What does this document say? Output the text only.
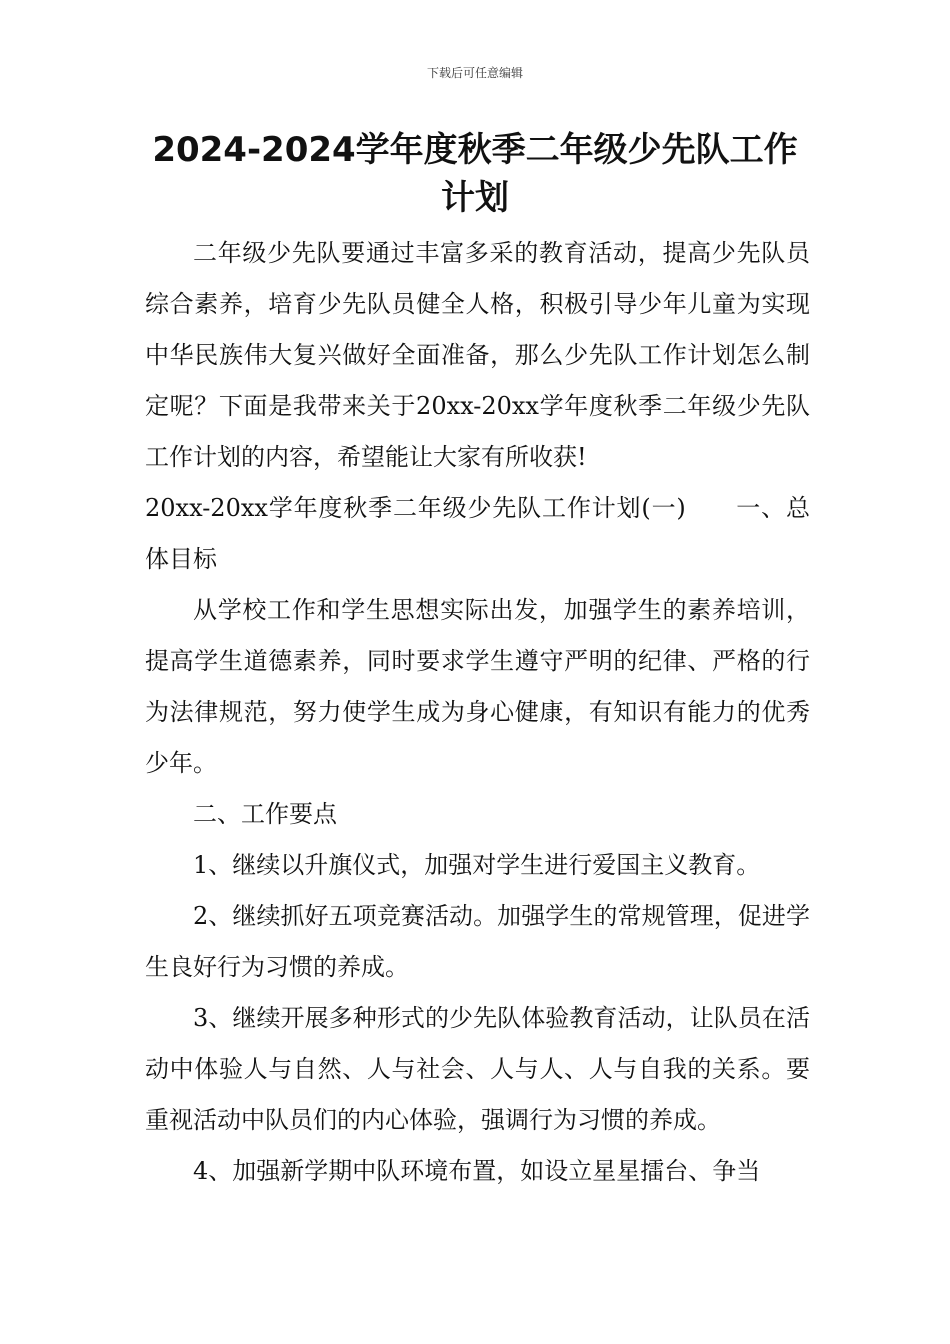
下载后可任意编辑
2024-2024学年度秋季二年级少先队工作计划

二年级少先队要通过丰富多采的教育活动，提高少先队员综合素养，培育少先队员健全人格，积极引导少年儿童为实现中华民族伟大复兴做好全面准备，那么少先队工作计划怎么制定呢？下面是我带来关于20xx-20xx学年度秋季二年级少先队工作计划的内容，希望能让大家有所收获!

20xx-20xx学年度秋季二年级少先队工作计划(一)　　一、总体目标

从学校工作和学生思想实际出发，加强学生的素养培训，提高学生道德素养，同时要求学生遵守严明的纪律、严格的行为法律规范，努力使学生成为身心健康，有知识有能力的优秀少年。

二、工作要点

1、继续以升旗仪式，加强对学生进行爱国主义教育。

2、继续抓好五项竞赛活动。加强学生的常规管理，促进学生良好行为习惯的养成。

3、继续开展多种形式的少先队体验教育活动，让队员在活动中体验人与自然、人与社会、人与人、人与自我的关系。要重视活动中队员们的内心体验，强调行为习惯的养成。

4、加强新学期中队环境布置，如设立星星擂台、争当
